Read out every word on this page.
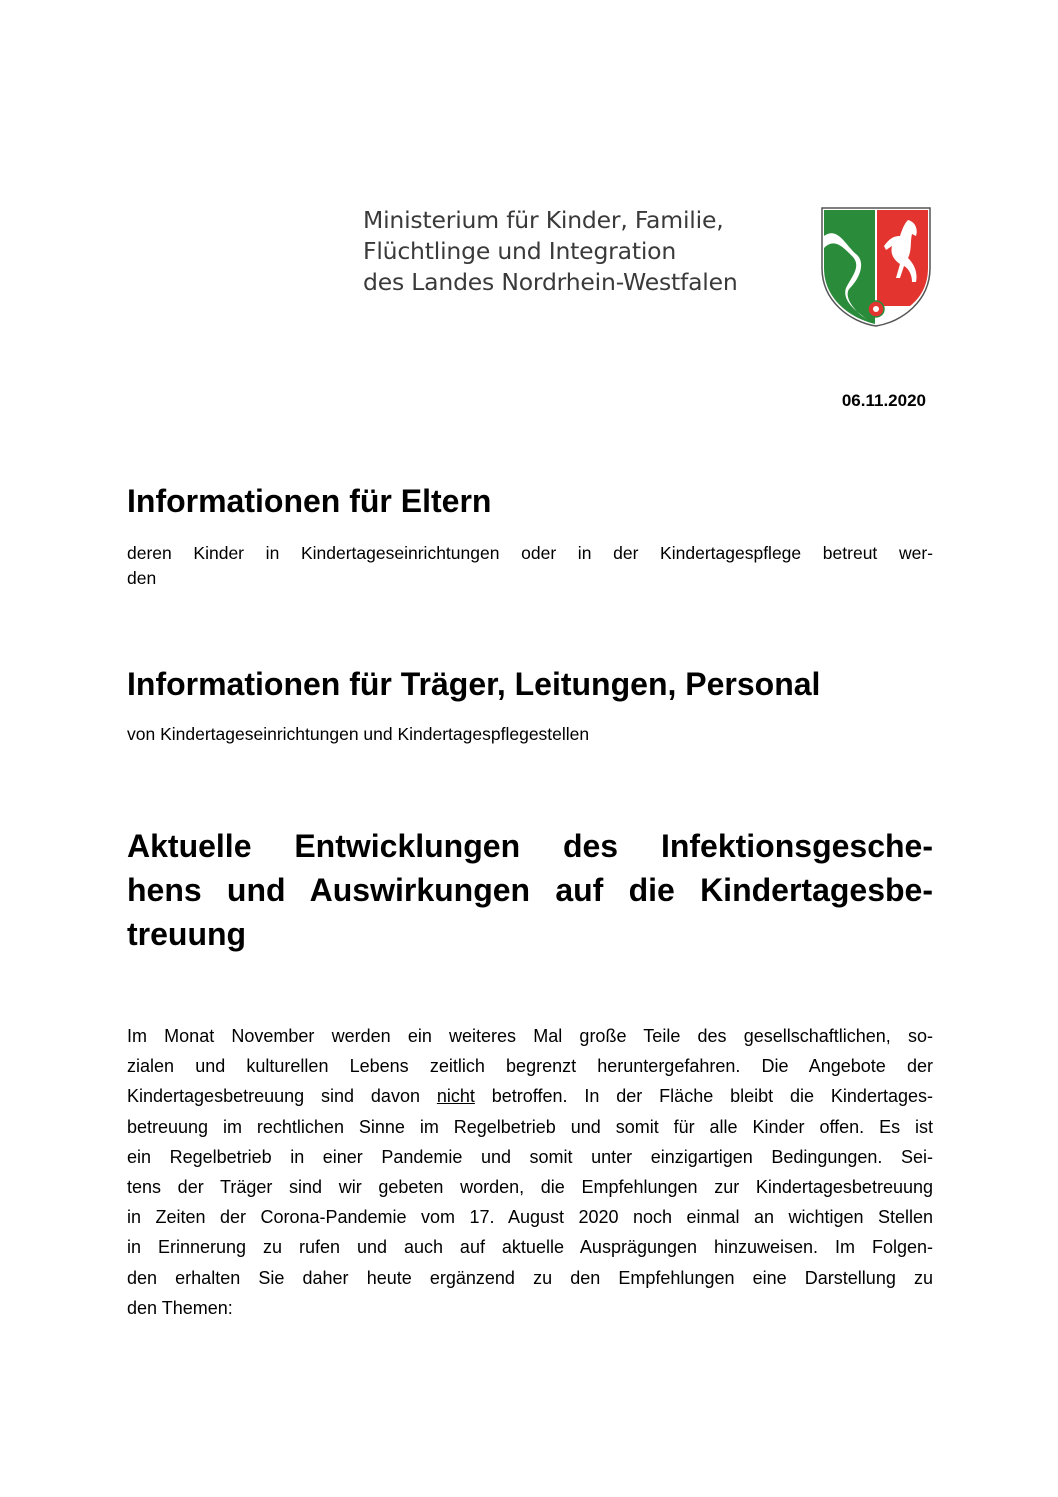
Ministerium für Kinder, Familie,
Flüchtlinge und Integration
des Landes Nordrhein-Westfalen
06.11.2020
Informationen für Eltern
deren Kinder in Kindertageseinrichtungen oder in der Kindertagespflege betreut wer-
den
Informationen für Träger, Leitungen, Personal
von Kindertageseinrichtungen und Kindertagespflegestellen
Aktuelle Entwicklungen des Infektionsgesche-
hens und Auswirkungen auf die Kindertagesbe-
treuung
Im Monat November werden ein weiteres Mal große Teile des gesellschaftlichen, so-
zialen und kulturellen Lebens zeitlich begrenzt heruntergefahren. Die Angebote der
Kindertagesbetreuung sind davon nicht betroffen. In der Fläche bleibt die Kindertages-
betreuung im rechtlichen Sinne im Regelbetrieb und somit für alle Kinder offen. Es ist
ein Regelbetrieb in einer Pandemie und somit unter einzigartigen Bedingungen. Sei-
tens der Träger sind wir gebeten worden, die Empfehlungen zur Kindertagesbetreuung
in Zeiten der Corona-Pandemie vom 17. August 2020 noch einmal an wichtigen Stellen
in Erinnerung zu rufen und auch auf aktuelle Ausprägungen hinzuweisen. Im Folgen-
den erhalten Sie daher heute ergänzend zu den Empfehlungen eine Darstellung zu
den Themen:
